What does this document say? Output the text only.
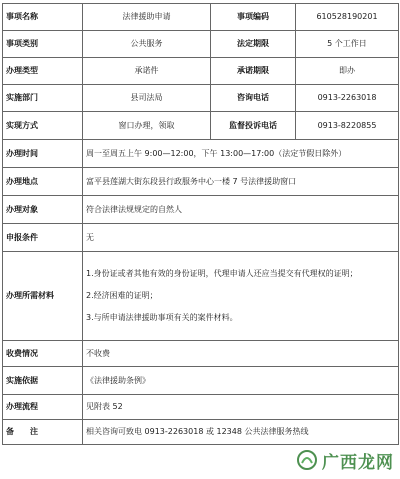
事项名称	法律援助申请	事项编码	610528190201
事项类别	公共服务	法定期限	5 个工作日
办理类型	承诺件	承诺期限	即办
实施部门	县司法局	咨询电话	0913-2263018
实现方式	窗口办理，领取	监督投诉电话	0913-8220855
办理时间	周一至周五上午 9:00—12:00，下午 13:00—17:00（法定节假日除外）		
办理地点	富平县莲湖大街东段县行政服务中心一楼 7 号法律援助窗口		
办理对象	符合法律法规规定的自然人		
申报条件	无		
办理所需材料	1.身份证或者其他有效的身份证明，代理申请人还应当提交有代理权的证明；
2.经济困难的证明；
3.与所申请法律援助事项有关的案件材料。		

收费情况	不收费		
实施依据	《法律援助条例》		
办理流程	见附表 52		
备　　注	相关咨询可致电 0913-2263018 或 12348 公共法律服务热线		
广西龙网
